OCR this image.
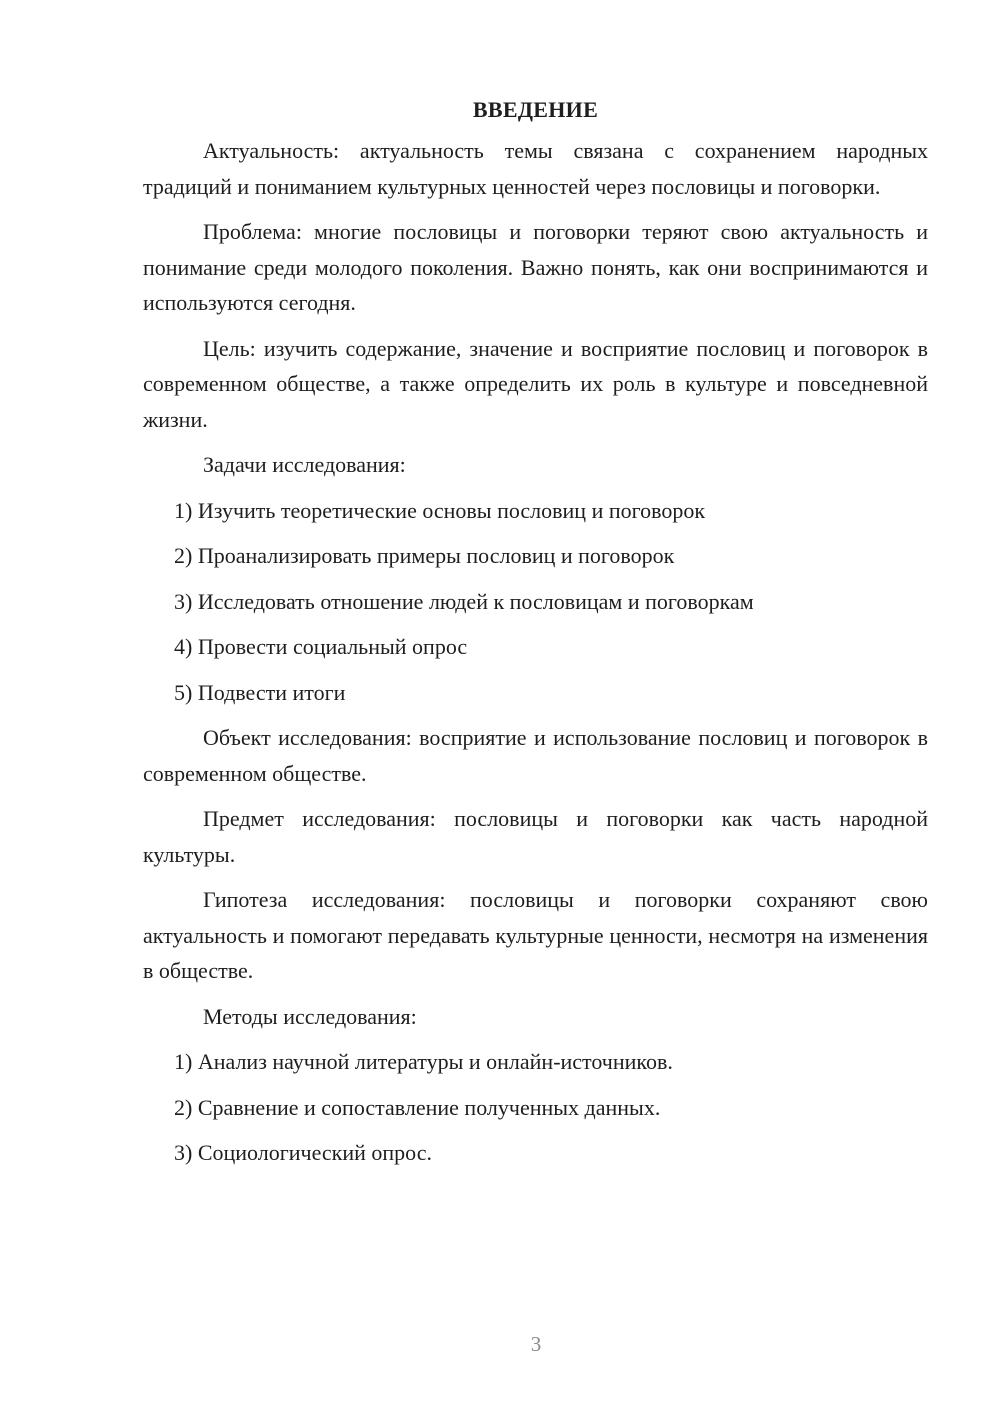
ВВЕДЕНИЕ

Актуальность: актуальность темы связана с сохранением народных традиций и пониманием культурных ценностей через пословицы и поговорки.

Проблема: многие пословицы и поговорки теряют свою актуальность и понимание среди молодого поколения. Важно понять, как они воспринимаются и используются сегодня.

Цель: изучить содержание, значение и восприятие пословиц и поговорок в современном обществе, а также определить их роль в культуре и повседневной жизни.

Задачи исследования:
1) Изучить теоретические основы пословиц и поговорок
2) Проанализировать примеры пословиц и поговорок
3) Исследовать отношение людей к пословицам и поговоркам
4) Провести социальный опрос
5) Подвести итоги

Объект исследования: восприятие и использование пословиц и поговорок в современном обществе.

Предмет исследования: пословицы и поговорки как часть народной культуры.

Гипотеза исследования: пословицы и поговорки сохраняют свою актуальность и помогают передавать культурные ценности, несмотря на изменения в обществе.

Методы исследования:
1) Анализ научной литературы и онлайн-источников.
2) Сравнение и сопоставление полученных данных.
3) Социологический опрос.
3
